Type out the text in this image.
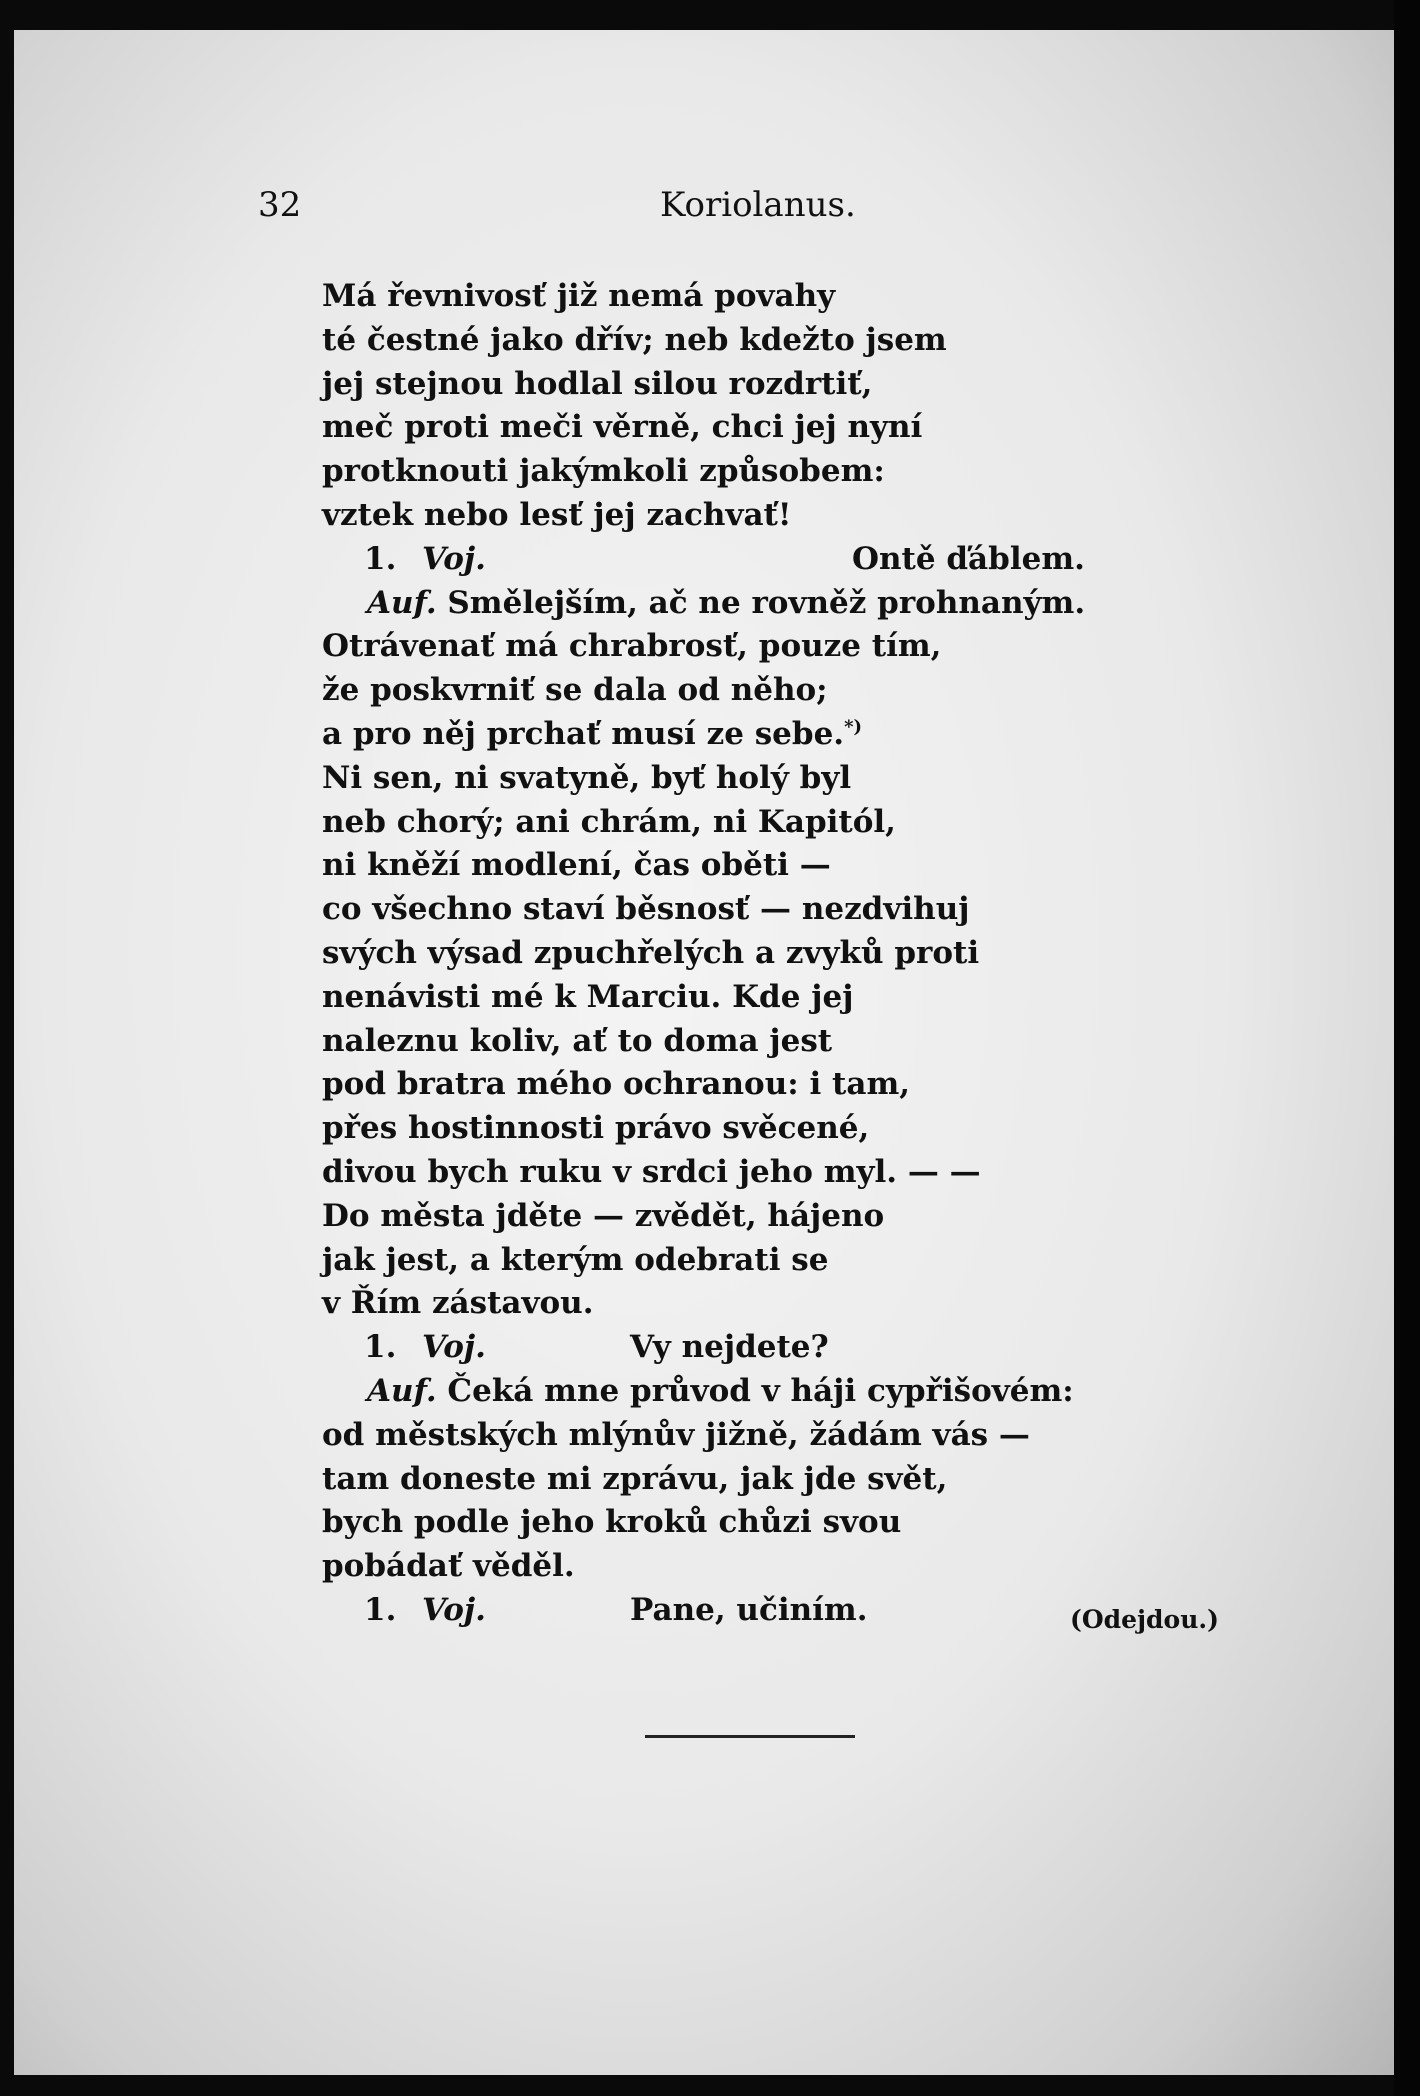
32	Koriolanus.
Má řevnivosť již nemá povahy
té čestné jako dřív; neb kdežto jsem
jej stejnou hodlal silou rozdrtiť,
meč proti meči věrně, chci jej nyní
protknouti jakýmkoli způsobem:
vztek nebo lesť jej zachvať!

1.

Voj.

	Ontě ďáblem.

Auf. Smělejším, ač ne rovněž prohnaným.
Otrávenať má chrabrosť, pouze tím,
že poskvrniť se dala od něho;
a pro něj prchať musí ze sebe.*)
Ni sen, ni svatyně, byť holý byl
neb chorý; ani chrám, ni Kapitól,
ni kněží modlení, čas oběti —
co všechno staví běsnosť — nezdvihuj
svých výsad zpuchřelých a zvyků proti
nenávisti mé k Marciu. Kde jej
naleznu koliv, ať to doma jest
pod bratra mého ochranou: i tam,
přes hostinnosti právo svěcené,
divou bych ruku v srdci jeho myl. — —
Do města jděte — zvědět, hájeno
jak jest, a kterým odebrati se
v Řím zástavou.

1.

Voj.

	Vy nejdete?

Auf. Čeká mne průvod v háji cypřišovém:
od městských mlýnův jižně, žádám vás —
tam doneste mi zprávu, jak jde svět,
bych podle jeho kroků chůzi svou
pobádať věděl.

1.

Voj.

	Pane, učiním.

	(Odejdou.)
